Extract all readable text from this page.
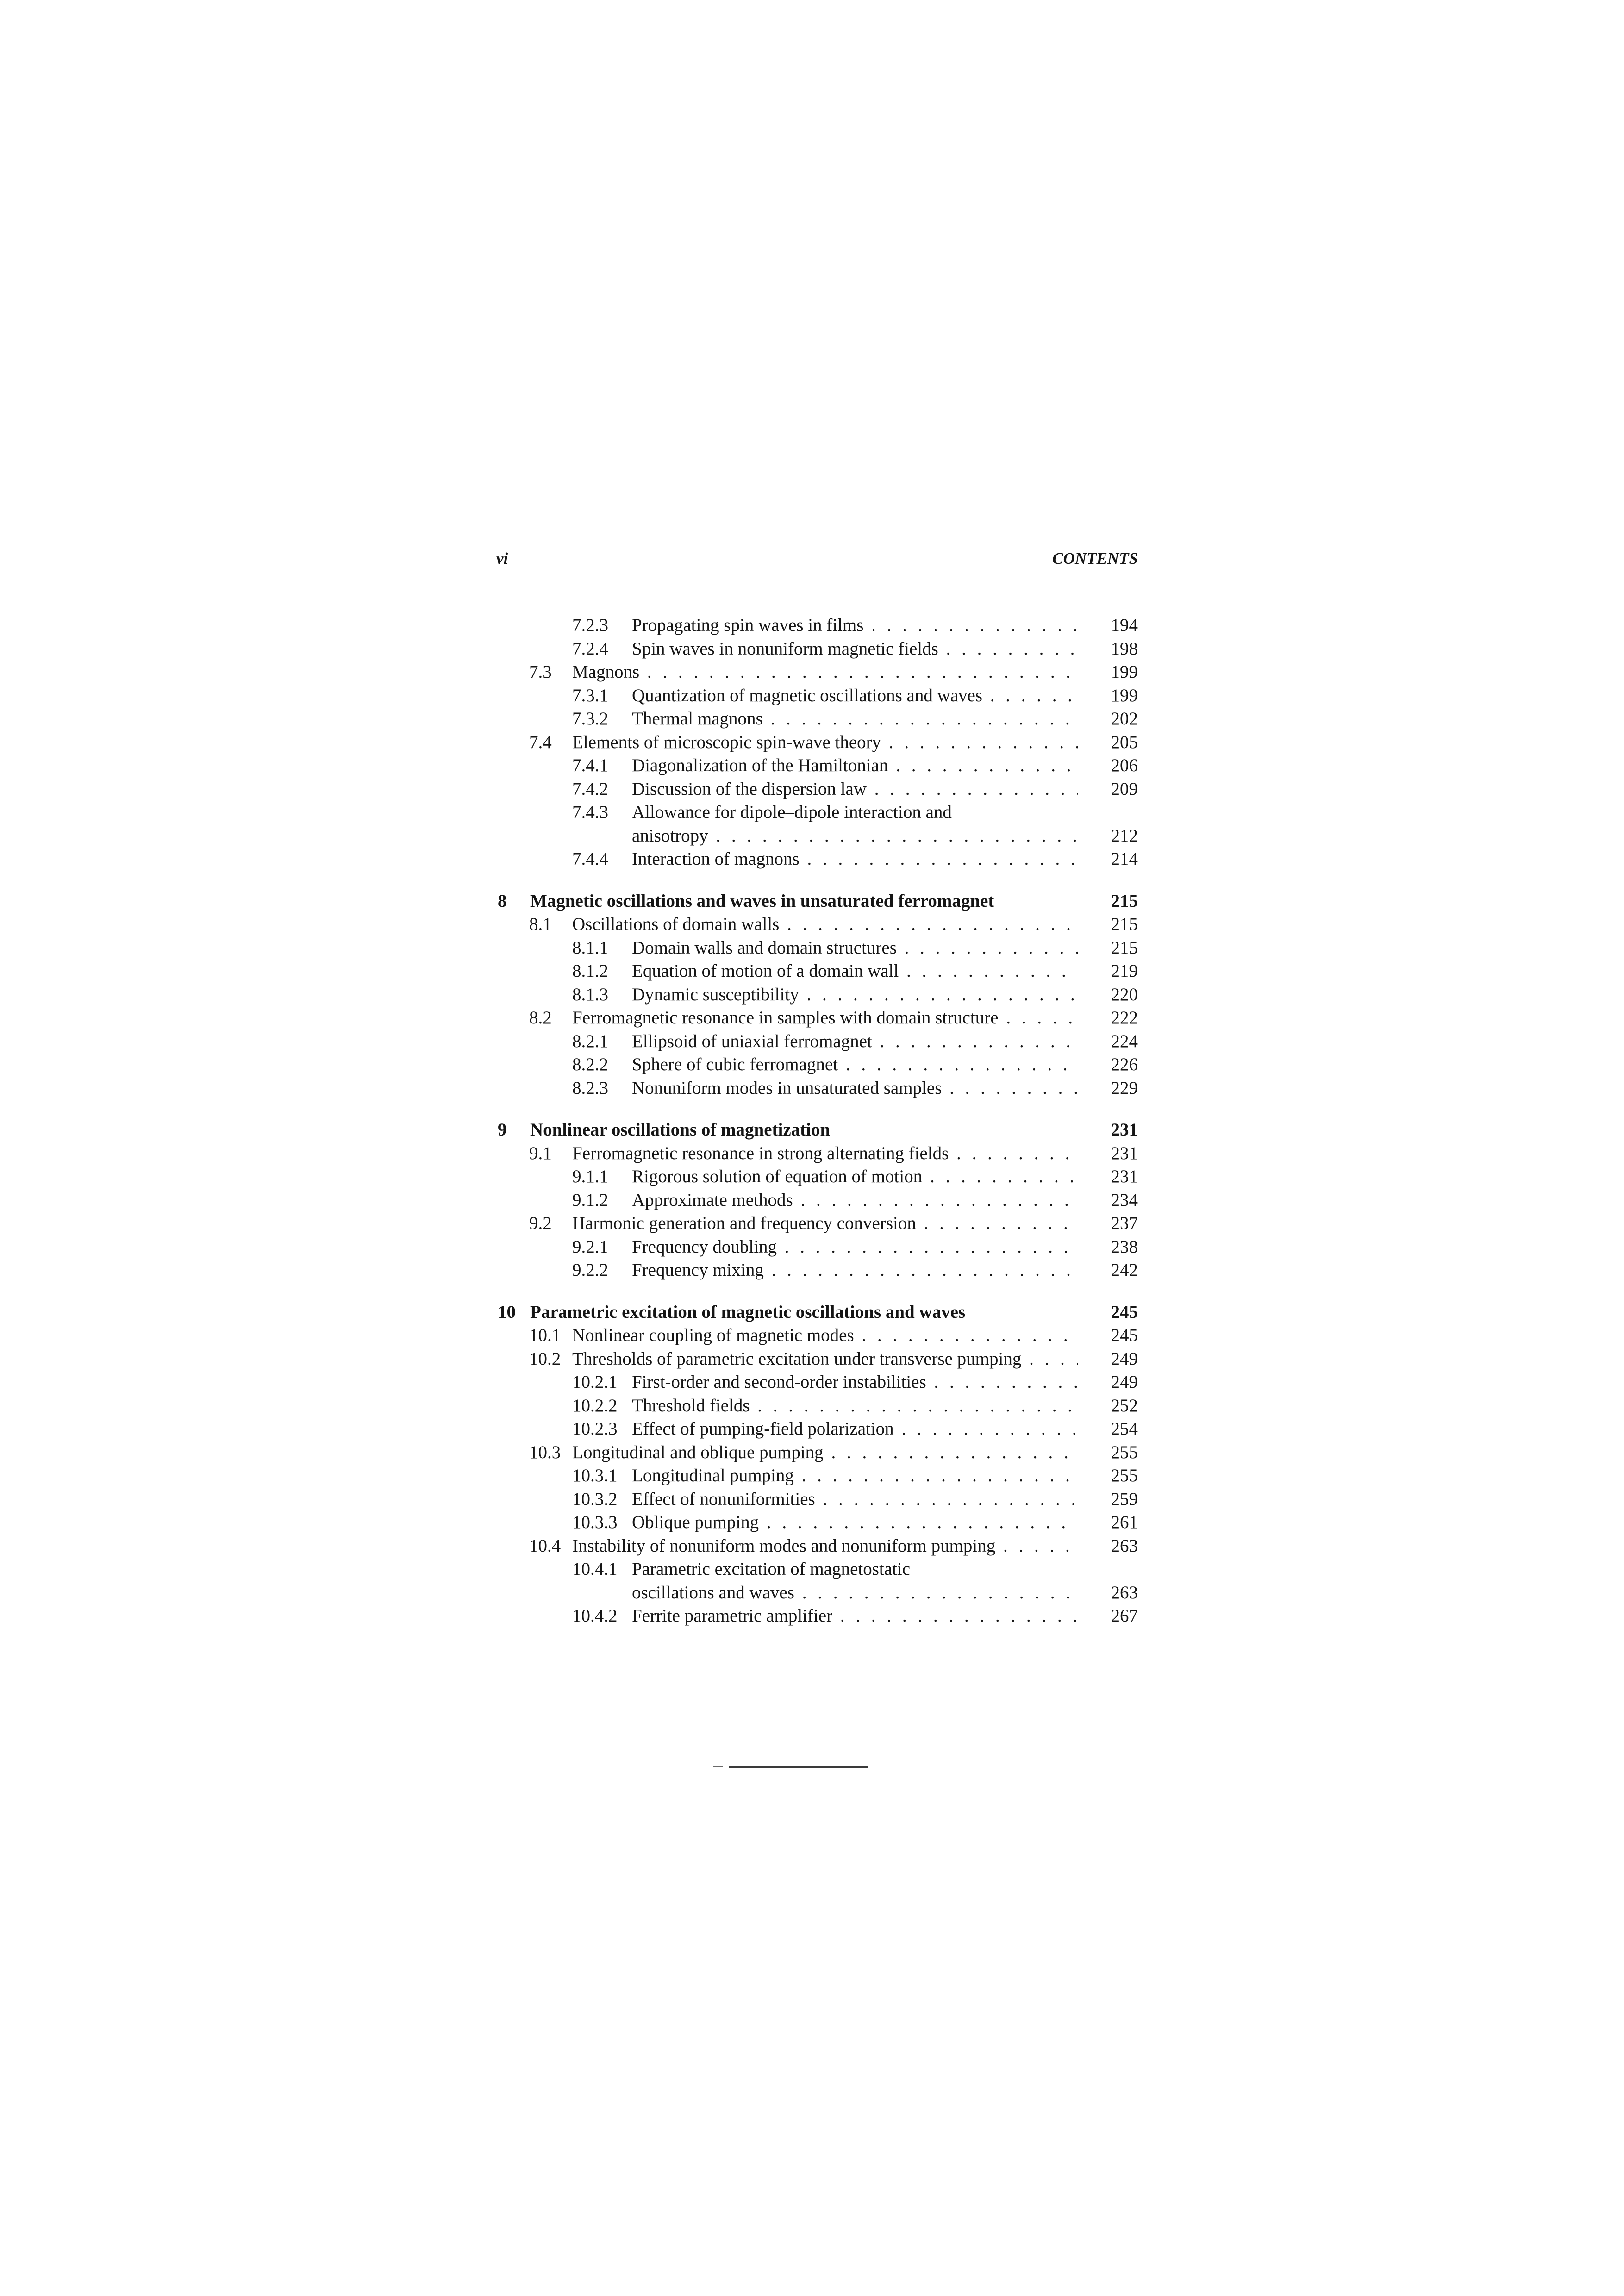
vi	CONTENTS
7.2.3 Propagating spin waves in films . . .	194
7.2.4 Spin waves in nonuniform magnetic fields . . .	198
7.3 Magnons . . .	199
7.3.1 Quantization of magnetic oscillations and waves . . .	199
7.3.2 Thermal magnons . . .	202
7.4 Elements of microscopic spin-wave theory . . .	205
7.4.1 Diagonalization of the Hamiltonian . . .	206
7.4.2 Discussion of the dispersion law . . .	209
7.4.3 Allowance for dipole–dipole interaction and
anisotropy . . .	212
7.4.4 Interaction of magnons . . .	214
8 Magnetic oscillations and waves in unsaturated ferromagnet	215
8.1 Oscillations of domain walls . . .	215
8.1.1 Domain walls and domain structures . . .	215
8.1.2 Equation of motion of a domain wall . . .	219
8.1.3 Dynamic susceptibility . . .	220
8.2 Ferromagnetic resonance in samples with domain structure . . .	222
8.2.1 Ellipsoid of uniaxial ferromagnet . . .	224
8.2.2 Sphere of cubic ferromagnet . . .	226
8.2.3 Nonuniform modes in unsaturated samples . . .	229
9 Nonlinear oscillations of magnetization	231
9.1 Ferromagnetic resonance in strong alternating fields . . .	231
9.1.1 Rigorous solution of equation of motion . . .	231
9.1.2 Approximate methods . . .	234
9.2 Harmonic generation and frequency conversion . . .	237
9.2.1 Frequency doubling . . .	238
9.2.2 Frequency mixing . . .	242
10 Parametric excitation of magnetic oscillations and waves	245
10.1 Nonlinear coupling of magnetic modes . . .	245
10.2 Thresholds of parametric excitation under transverse pumping . . .	249
10.2.1 First-order and second-order instabilities . . .	249
10.2.2 Threshold fields . . .	252
10.2.3 Effect of pumping-field polarization . . .	254
10.3 Longitudinal and oblique pumping . . .	255
10.3.1 Longitudinal pumping . . .	255
10.3.2 Effect of nonuniformities . . .	259
10.3.3 Oblique pumping . . .	261
10.4 Instability of nonuniform modes and nonuniform pumping . . .	263
10.4.1 Parametric excitation of magnetostatic
oscillations and waves . . .	263
10.4.2 Ferrite parametric amplifier . . .	267
